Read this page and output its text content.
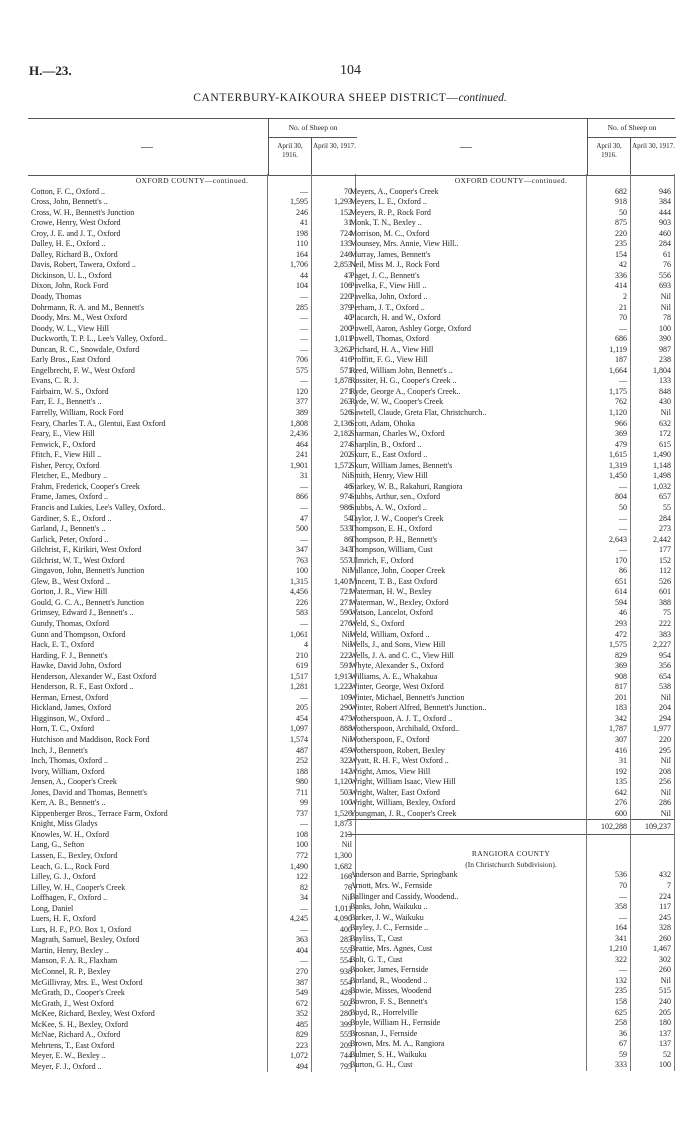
H.—23.	104
CANTERBURY-KAIKOURA SHEEP DISTRICT—continued.
—
No. of Sheep on
April 30, 1916.
April 30, 1917.
OXFORD COUNTY—continued.
Cotton, F. C., Oxford ..	—	70
Cross, John, Bennett's ..	1,595	1,293
Cross, W. H., Bennett's Junction	246	152
Crowe, Henry, West Oxford	41	31
Croy, J. E. and J. T., Oxford	198	724
Dalley, H. E., Oxford ..	110	135
Dalley, Richard B., Oxford	164	246
Davis, Robert, Tawera, Oxford ..	1,706	2,853
Dickinson, U. L., Oxford	44	47
Dixon, John, Rock Ford	104	106
Doady, Thomas	—	220
Dohrmann, R. A. and M., Bennett's	285	379
Doody, Mrs. M., West Oxford	—	40
Doody, W. L., View Hill	—	200
Duckworth, T. P. L., Lee's Valley, Oxford..	—	1,011
Duncan, R. C., Snowdale, Oxford	—	3,262
Early Bros., East Oxford	706	416
Engelbrecht, F. W., West Oxford	575	571
Evans, C. R. J.	—	1,878
Fairbairn, W. S., Oxford	120	271
Farr, E. J., Bennett's ..	377	263
Farrelly, William, Rock Ford	389	526
Feary, Charles T. A., Glentui, East Oxford	1,808	2,136
Feary, E., View Hill	2,436	2,182
Fenwick, F., Oxford	464	274
Ffitch, F., View Hill ..	241	202
Fisher, Percy, Oxford	1,901	1,572
Fletcher, E., Medbury ..	31	Nil
Frahm, Frederick, Cooper's Creek	—	46
Frame, James, Oxford ..	866	974
Francis and Lukies, Lee's Valley, Oxford..	—	986
Gardiner, S. E., Oxford ..	47	54
Garland, J., Bennett's ..	500	533
Garlick, Peter, Oxford ..	—	86
Gilchrist, F., Kirikiri, West Oxford	347	343
Gilchrist, W. T., West Oxford	763	557
Gingavon, John, Bennett's Junction	100	Nil
Glew, B., West Oxford ..	1,315	1,401
Gorton, J. R., View Hill	4,456	721
Gould, G. C. A., Bennett's Junction	226	271
Grimsey, Edward J., Bennett's ..	583	590
Gundy, Thomas, Oxford	—	276
Gunn and Thompson, Oxford	1,061	Nil
Hack, E. T., Oxford	4	Nil
Harding, F. J., Bennett's	210	222
Hawke, David John, Oxford	619	591
Henderson, Alexander W., East Oxford	1,517	1,913
Henderson, R. F., East Oxford ..	1,281	1,222
Herman, Ernest, Oxford	—	109
Hickland, James, Oxford	205	290
Higginson, W., Oxford ..	454	475
Horn, T. C., Oxford	1,097	888
Hutchison and Maddison, Rock Ford	1,574	Nil
Inch, J., Bennett's	487	459
Inch, Thomas, Oxford ..	252	322
Ivory, William, Oxford	188	142
Jensen, A., Cooper's Creek	980	1,120
Jones, David and Thomas, Bennett's	711	503
Kerr, A. B., Bennett's ..	99	100
Kippenberger Bros., Terrace Farm, Oxford	737	1,526
Knight, Miss Gladys	—	1,873
Knowles, W. H., Oxford	108	213
Lang, G., Sefton	100	Nil
Lassen, E., Bexley, Oxford	772	1,300
Leach, G. L., Rock Ford	1,490	1,682
Lilley, G. J., Oxford	122	166
Lilley, W. H., Cooper's Creek	82	76
Loffhagen, F., Oxford ..	34	Nil
Long, Daniel	—	1,011
Luers, H. F., Oxford	4,245	4,090
Lurs, H. F., P.O. Box 1, Oxford	—	400
Magrath, Samuel, Bexley, Oxford	363	283
Martin, Henry, Bexley ..	404	555
Manson, F. A. R., Flaxham	—	554
McConnel, R. P., Bexley	270	938
McGillivray, Mrs. E., West Oxford	387	554
McGrath, D., Cooper's Creek	549	428
McGrath, J., West Oxford	672	502
McKee, Richard, Bexley, West Oxford	352	280
McKee, S. H., Bexley, Oxford	485	399
McNae, Richard A., Oxford	829	555
Mehrtens, T., East Oxford	223	209
Meyer, E. W., Bexley ..	1,072	744
Meyer, F. J., Oxford ..	494	795
—
No. of Sheep on
April 30, 1916.
April 30, 1917.
OXFORD COUNTY—continued.
Meyers, A., Cooper's Creek	682	946
Meyers, L. E., Oxford ..	918	384
Meyers, R. P., Rock Ford	50	444
Monk, T. N., Bexley ..	875	903
Morrison, M. C., Oxford	220	460
Mounsey, Mrs. Annie, View Hill..	235	284
Murray, James, Bennett's	154	61
Neil, Miss M. J., Rock Ford	42	76
Paget, J. C., Bennett's	336	556
Pavelka, F., View Hill ..	414	693
Pavelka, John, Oxford ..	2	Nil
Perham, J. T., Oxford ..	21	Nil
Placarch, H. and W., Oxford	70	78
Powell, Aaron, Ashley Gorge, Oxford	—	100
Powell, Thomas, Oxford	686	390
Prichard, H. A., View Hill	1,119	987
Proffitt, F. G., View Hill	187	238
Reed, William John, Bennett's ..	1,664	1,804
Rossiter, H. G., Cooper's Creek ..	—	133
Ryde, George A., Cooper's Creek..	1,175	848
Ryde, W. W., Cooper's Creek	762	430
Sawtell, Claude, Greta Flat, Christchurch..	1,120	Nil
Scott, Adam, Ohoka	966	632
Sharman, Charles W., Oxford	369	172
Sharplin, B., Oxford ..	479	615
Skurr, E., East Oxford ..	1,615	1,490
Skurr, William James, Bennett's	1,319	1,148
Smith, Henry, View Hill	1,450	1,498
Starkey, W. B., Rakahuri, Rangiora	—	1,032
Stubbs, Arthur, sen., Oxford	804	657
Stubbs, A. W., Oxford ..	50	55
Taylor, J. W., Cooper's Creek	—	284
Thompson, E. H., Oxford	—	273
Thompson, P. H., Bennett's	2,643	2,442
Thompson, William, Cust	—	177
Ulmrich, F., Oxford	170	152
Vallance, John, Cooper Creek	86	112
Vincent, T. B., East Oxford	651	526
Waterman, H. W., Bexley	614	601
Waterman, W., Bexley, Oxford	594	388
Watson, Lancelot, Oxford	46	75
Weld, S., Oxford	293	222
Weld, William, Oxford ..	472	383
Wells, J., and Sons, View Hill	1,575	2,227
Wells, J. A. and C. C., View Hill	829	954
Whyte, Alexander S., Oxford	369	356
Williams, A. E., Whakahua	908	654
Winter, George, West Oxford	817	538
Winter, Michael, Bennett's Junction	201	Nil
Winter, Robert Alfred, Bennett's Junction..	183	204
Wotherspoon, A. J. T., Oxford ..	342	294
Wotherspoon, Archibald, Oxford..	1,787	1,977
Wotherspoon, F., Oxford	307	220
Wotherspoon, Robert, Bexley	416	295
Wyatt, R. H. F., West Oxford ..	31	Nil
Wright, Amos, View Hill	192	208
Wright, William Isaac, View Hill	135	256
Wright, Walter, East Oxford	642	Nil
Wright, William, Bexley, Oxford	276	286
Youngman, J. R., Cooper's Creek	600	Nil
102,288	109,237
RANGIORA COUNTY
(In Christchurch Subdivision).
Anderson and Barrie, Springbank	536	432
Arnott, Mrs. W., Fernside	70	7
Ballinger and Cassidy, Woodend..	—	224
Banks, John, Waikuku ..	358	117
Barker, J. W., Waikuku	—	245
Bayley, J. C., Fernside ..	164	328
Bayliss, T., Cust	341	260
Beattie, Mrs. Agnes, Cust	1,210	1,467
Bolt, G. T., Cust	322	302
Booker, James, Fernside	—	260
Borland, R., Woodend ..	132	Nil
Bowie, Misses, Woodend	235	515
Bowron, F. S., Bennett's	158	240
Boyd, R., Horrelville	625	205
Boyle, William H., Fernside	258	180
Brosnan, J., Fernside	36	137
Brown, Mrs. M. A., Rangiora	67	137
Bulmer, S. H., Waikuku	59	52
Burton, G. H., Cust	333	100
